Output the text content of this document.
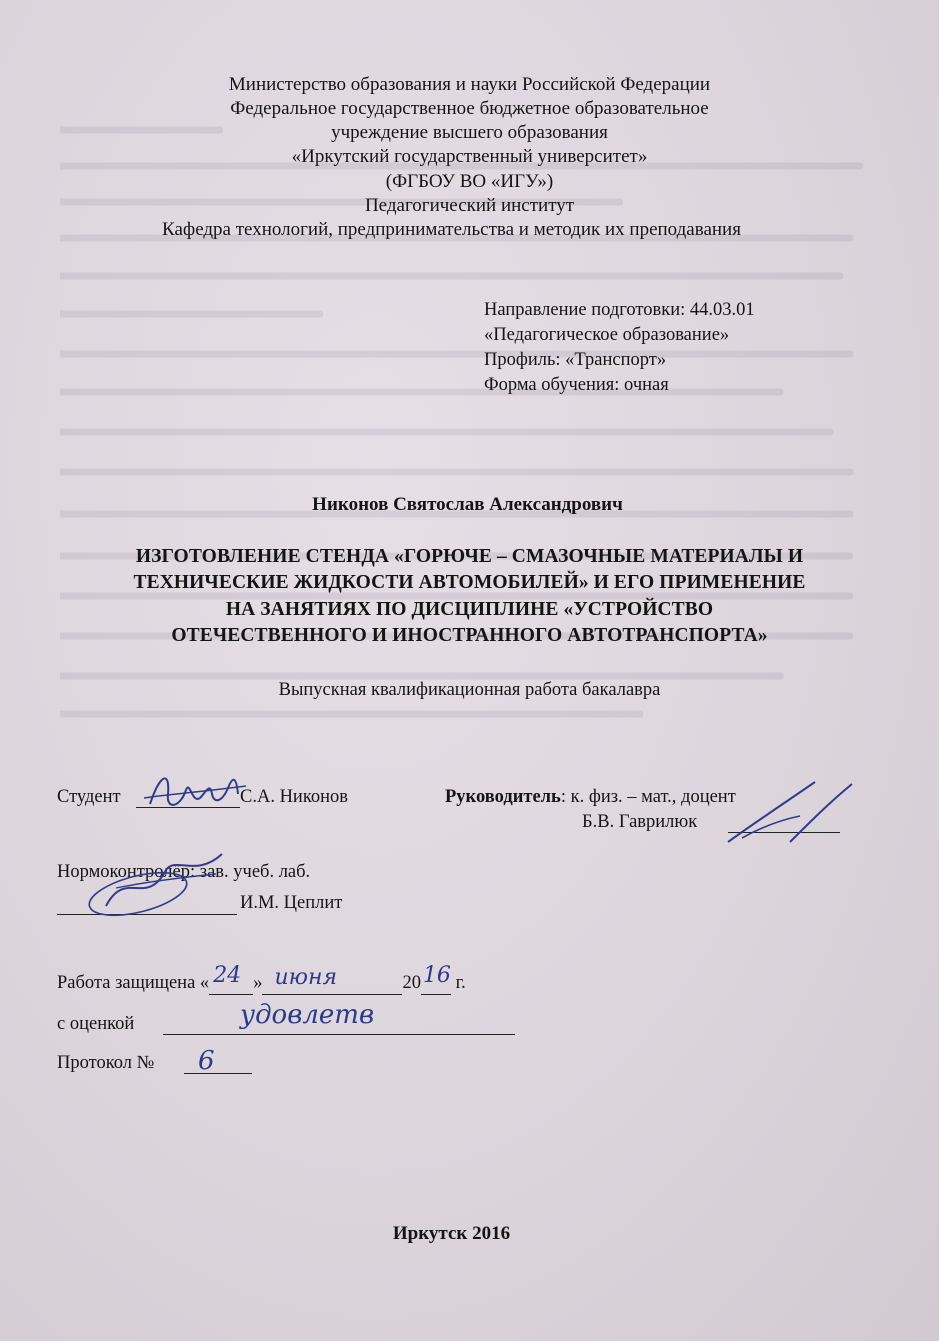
Министерство образования и науки Российской Федерации
Федеральное государственное бюджетное образовательное
учреждение высшего образования
«Иркутский государственный университет»
(ФГБОУ ВО «ИГУ»)
Педагогический институт
Кафедра технологий, предпринимательства и методик их преподавания
Направление подготовки: 44.03.01
«Педагогическое образование»
Профиль: «Транспорт»
Форма обучения: очная
Никонов Святослав Александрович
ИЗГОТОВЛЕНИЕ СТЕНДА «ГОРЮЧЕ – СМАЗОЧНЫЕ МАТЕРИАЛЫ И
ТЕХНИЧЕСКИЕ ЖИДКОСТИ АВТОМОБИЛЕЙ» И ЕГО ПРИМЕНЕНИЕ
НА ЗАНЯТИЯХ ПО ДИСЦИПЛИНЕ «УСТРОЙСТВО
ОТЕЧЕСТВЕННОГО И ИНОСТРАННОГО АВТОТРАНСПОРТА»
Выпускная квалификационная работа бакалавра
Студент	С.А. Никонов	Руководитель: к. физ. – мат., доцент
Б.В. Гаврилюк
Нормоконтролёр: зав. учеб. лаб.
И.М. Цеплит
Работа защищена « 24 » июня	20 16 г.
с оценкой	удовлетв
Протокол № 6
Иркутск 2016
